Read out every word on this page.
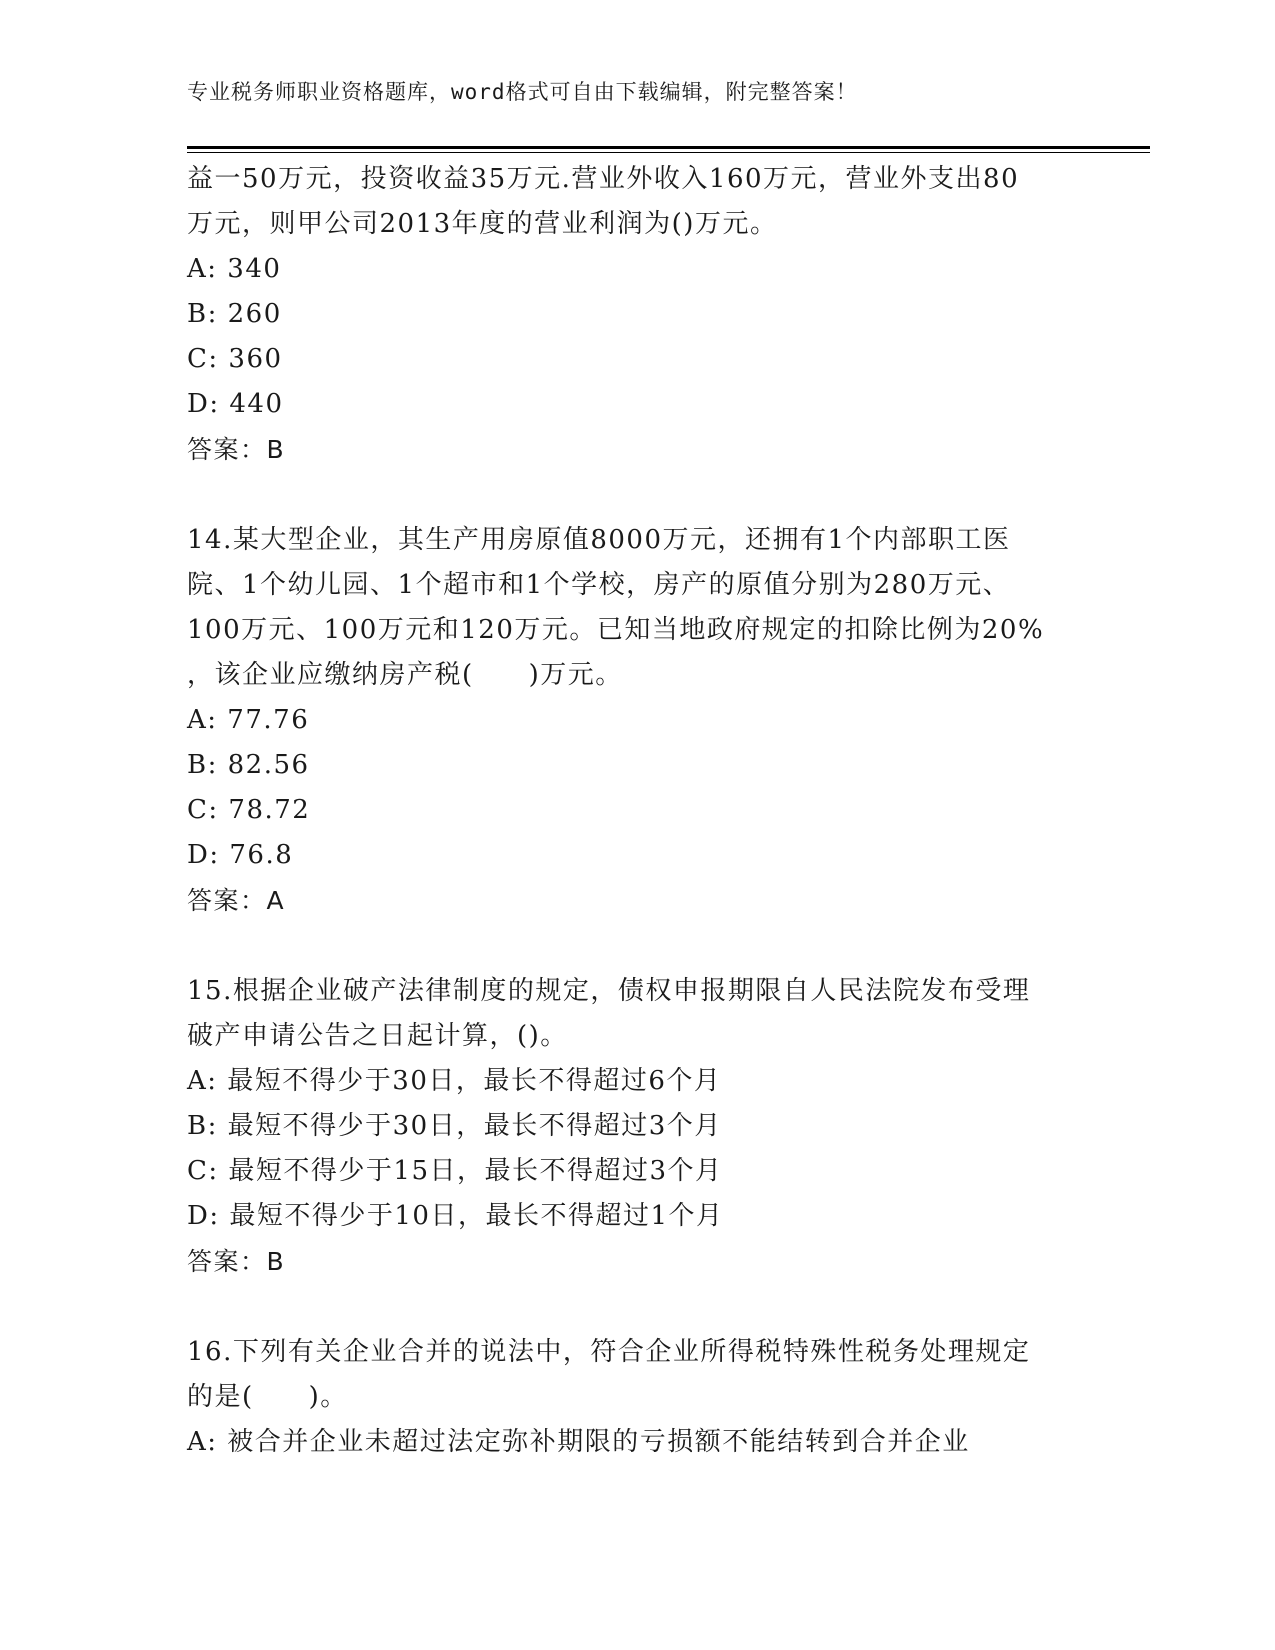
专业税务师职业资格题库，word格式可自由下载编辑，附完整答案！
益一50万元，投资收益35万元.营业外收入160万元，营业外支出80
万元，则甲公司2013年度的营业利润为()万元。
A: 340
B: 260
C: 360
D: 440
答案：B
14.某大型企业，其生产用房原值8000万元，还拥有1个内部职工医
院、1个幼儿园、1个超市和1个学校，房产的原值分别为280万元、
100万元、100万元和120万元。已知当地政府规定的扣除比例为20%
，该企业应缴纳房产税(　　)万元。
A: 77.76
B: 82.56
C: 78.72
D: 76.8
答案：A
15.根据企业破产法律制度的规定，债权申报期限自人民法院发布受理
破产申请公告之日起计算，()。
A: 最短不得少于30日，最长不得超过6个月
B: 最短不得少于30日，最长不得超过3个月
C: 最短不得少于15日，最长不得超过3个月
D: 最短不得少于10日，最长不得超过1个月
答案：B
16.下列有关企业合并的说法中，符合企业所得税特殊性税务处理规定
的是(　　)。
A: 被合并企业未超过法定弥补期限的亏损额不能结转到合并企业
